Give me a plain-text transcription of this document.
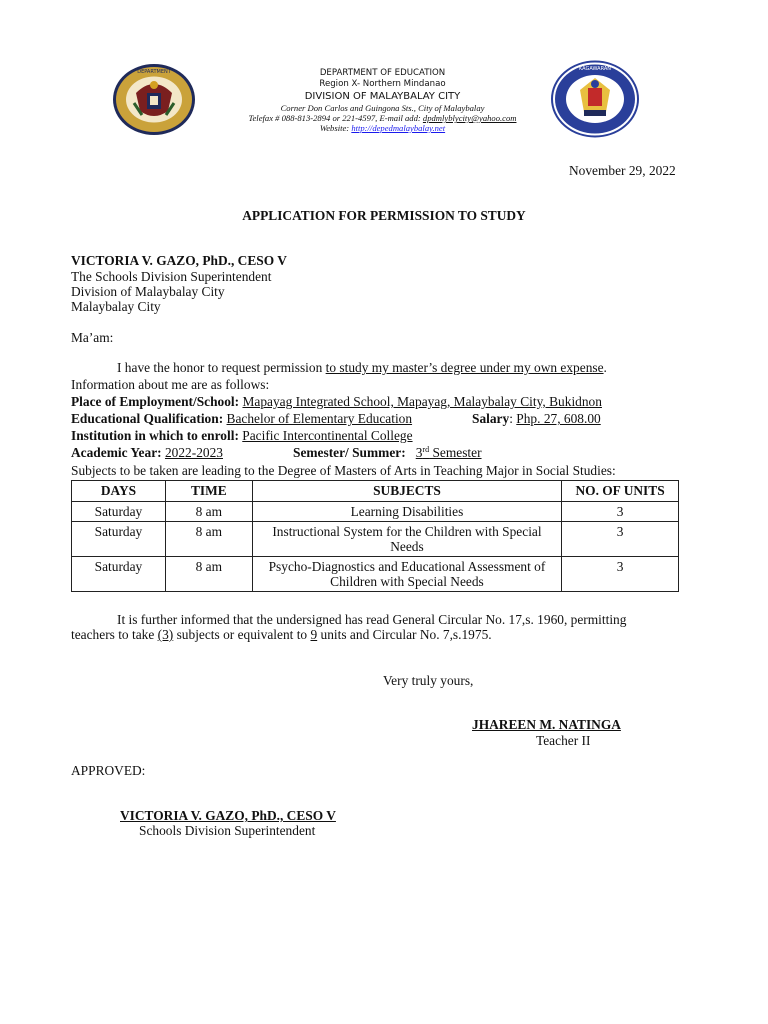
DEPARTMENT	DEPARTMENT OF EDUCATION
Region X- Northern Mindanao
DIVISION OF MALAYBALAY CITY
Corner Don Carlos and Guingona Sts., City of Malaybalay
Telefax # 088-813-2894 or 221-4597, E-mail add: dpdmlyblycity@yahoo.com
Website: http://depedmalaybalay.net
KAGAWARAN
November 29, 2022
APPLICATION FOR PERMISSION TO STUDY
VICTORIA V. GAZO, PhD., CESO V
The Schools Division Superintendent
Division of Malaybalay City
Malaybalay City
Ma’am:
I have the honor to request permission to study my master’s degree under my own expense.
Information about me are as follows:
Place of Employment/School: Mapayag Integrated School, Mapayag, Malaybalay City, Bukidnon
Educational Qualification: Bachelor of Elementary Education	Salary: Php. 27, 608.00
Institution in which to enroll: Pacific Intercontinental College
Academic Year: 2022-2023	Semester/ Summer: 3rd Semester
Subjects to be taken are leading to the Degree of Masters of Arts in Teaching Major in Social Studies:
DAYS	TIME	SUBJECTS	NO. OF UNITS
Saturday	8 am	Learning Disabilities	3
Saturday	8 am	Instructional System for the Children with Special Needs	3
Saturday	8 am	Psycho-Diagnostics and Educational Assessment of Children with Special Needs	3
It is further informed that the undersigned has read General Circular No. 17,s. 1960, permitting
teachers to take (3) subjects or equivalent to 9 units and Circular No. 7,s.1975.
Very truly yours,
JHAREEN M. NATINGA
Teacher II
APPROVED:
VICTORIA V. GAZO, PhD., CESO V
Schools Division Superintendent
